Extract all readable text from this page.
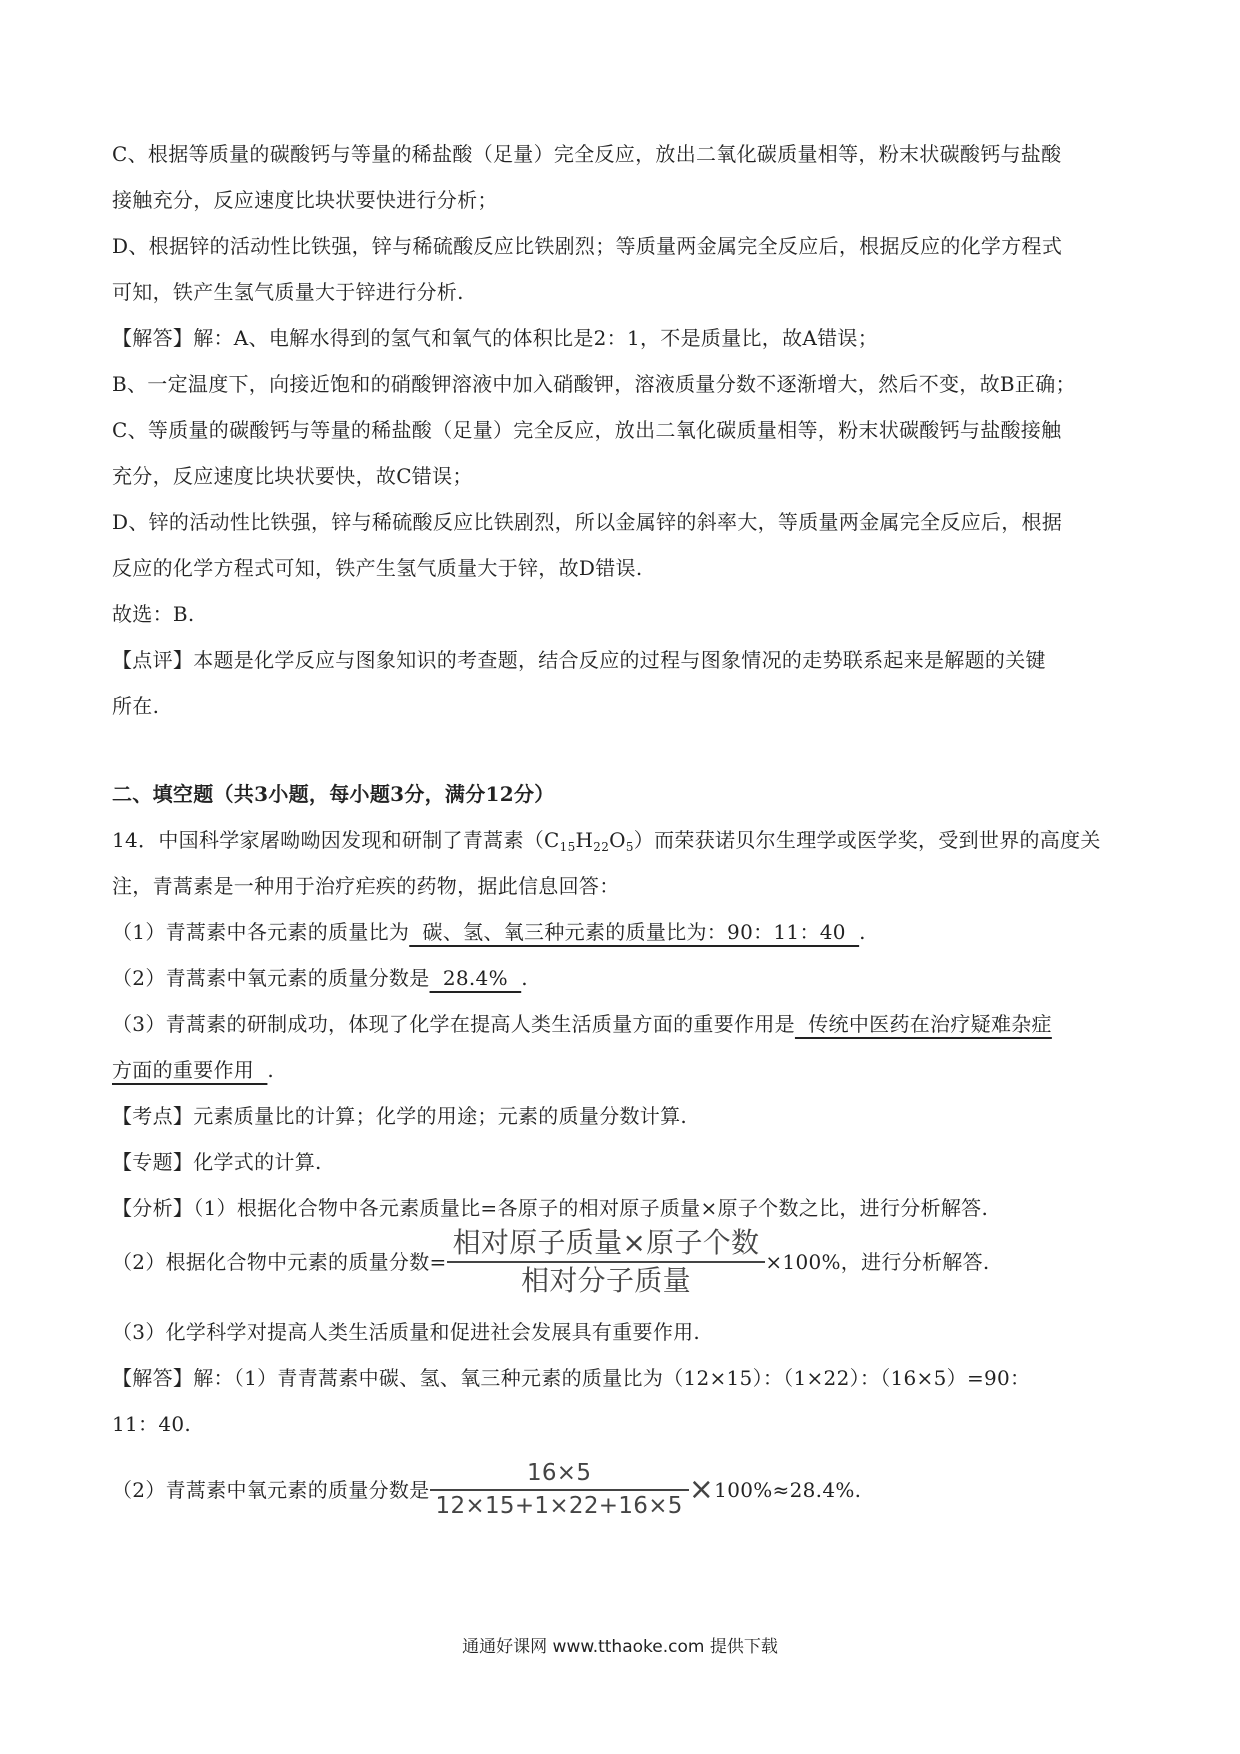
C、根据等质量的碳酸钙与等量的稀盐酸（足量）完全反应，放出二氧化碳质量相等，粉末状碳酸钙与盐酸
接触充分，反应速度比块状要快进行分析；
D、根据锌的活动性比铁强，锌与稀硫酸反应比铁剧烈；等质量两金属完全反应后，根据反应的化学方程式
可知，铁产生氢气质量大于锌进行分析.
【解答】解：A、电解水得到的氢气和氧气的体积比是2：1，不是质量比，故A错误；
B、一定温度下，向接近饱和的硝酸钾溶液中加入硝酸钾，溶液质量分数不逐渐增大，然后不变，故B正确；
C、等质量的碳酸钙与等量的稀盐酸（足量）完全反应，放出二氧化碳质量相等，粉末状碳酸钙与盐酸接触
充分，反应速度比块状要快，故C错误；
D、锌的活动性比铁强，锌与稀硫酸反应比铁剧烈，所以金属锌的斜率大，等质量两金属完全反应后，根据
反应的化学方程式可知，铁产生氢气质量大于锌，故D错误.
故选：B.
【点评】本题是化学反应与图象知识的考查题，结合反应的过程与图象情况的走势联系起来是解题的关键
所在.
二、填空题（共3小题，每小题3分，满分12分）
14．中国科学家屠呦呦因发现和研制了青蒿素$(C_{15}H_{22}O_5)$而荣获诺贝尔生理学或医学奖，受到世界的高度关
注，青蒿素是一种用于治疗疟疾的药物，据此信息回答：
（1）青蒿素中各元素的质量比为  碳、氢、氧三种元素的质量比为：90：11：40  .
（2）青蒿素中氧元素的质量分数是  28.4%  .
（3）青蒿素的研制成功，体现了化学在提高人类生活质量方面的重要作用是  传统中医药在治疗疑难杂症
方面的重要作用  .
【考点】元素质量比的计算；化学的用途；元素的质量分数计算.
【专题】化学式的计算.
【分析】（1）根据化合物中各元素质量比=各原子的相对原子质量×原子个数之比，进行分析解答.
（2）根据化合物中元素的质量分数= $\frac{\text{相对原子质量×原子个数}}{\text{相对分子质量}} \times 100\%$，进行分析解答.
（3）化学科学对提高人类生活质量和促进社会发展具有重要作用.
【解答】解：（1）青青蒿素中碳、氢、氧三种元素的质量比为（12×15）：（1×22）：（16×5）=90：
11：40.
（2）青蒿素中氧元素的质量分数是 $\frac{16\times 5}{12\times 15+1\times 22+16\times 5} \times 100\%\approx 28.4\%$.
通通好课网 www.tthaoke.com 提供下载
